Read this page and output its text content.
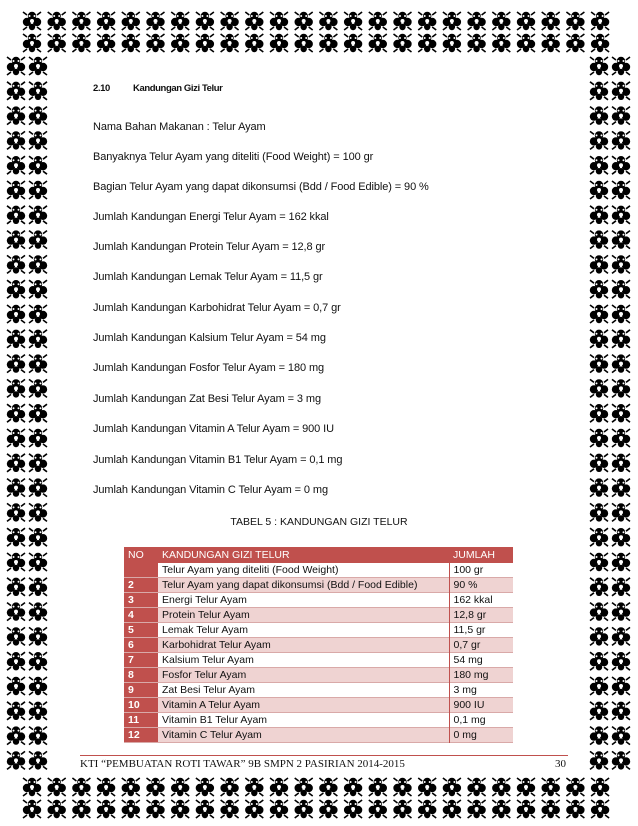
2.10 Kandungan Gizi Telur
Nama Bahan Makanan : Telur Ayam
Banyaknya Telur Ayam yang diteliti (Food Weight) = 100 gr
Bagian Telur Ayam yang dapat dikonsumsi (Bdd / Food Edible) = 90 %
Jumlah Kandungan Energi Telur Ayam = 162 kkal
Jumlah Kandungan Protein Telur Ayam = 12,8 gr
Jumlah Kandungan Lemak Telur Ayam = 11,5 gr
Jumlah Kandungan Karbohidrat Telur Ayam = 0,7 gr
Jumlah Kandungan Kalsium Telur Ayam = 54 mg
Jumlah Kandungan Fosfor Telur Ayam = 180 mg
Jumlah Kandungan Zat Besi Telur Ayam = 3 mg
Jumlah Kandungan Vitamin A Telur Ayam = 900 IU
Jumlah Kandungan Vitamin B1 Telur Ayam = 0,1 mg
Jumlah Kandungan Vitamin C Telur Ayam = 0 mg
TABEL 5 : KANDUNGAN GIZI TELUR
NO	KANDUNGAN GIZI TELUR	JUMLAH
	Telur Ayam yang diteliti (Food Weight)	100 gr
2	Telur Ayam yang dapat dikonsumsi (Bdd / Food Edible)	90 %
3	Energi Telur Ayam	162 kkal
4	Protein Telur Ayam	12,8 gr
5	Lemak Telur Ayam	11,5 gr
6	Karbohidrat Telur Ayam	0,7 gr
7	Kalsium Telur Ayam	54 mg
8	Fosfor Telur Ayam	180 mg
9	Zat Besi Telur Ayam	3 mg
10	Vitamin A Telur Ayam	900 IU
11	Vitamin B1 Telur Ayam	0,1 mg
12	Vitamin C Telur Ayam	0 mg
KTI “PEMBUATAN ROTI TAWAR” 9B SMPN 2 PASIRIAN 2014-2015	30
